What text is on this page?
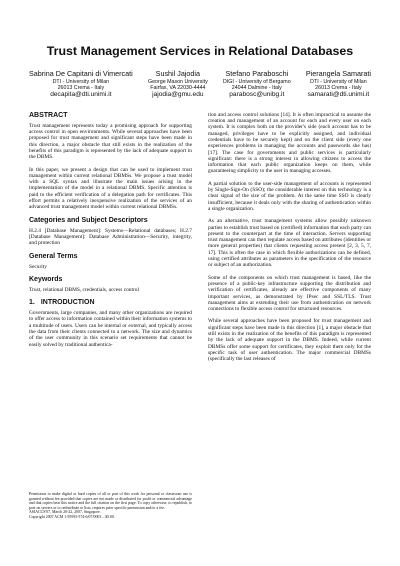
Trust Management Services in Relational Databases
Sabrina De Capitani di Vimercati
DTI - University of Milan
26013 Crema - Italy
decapita@dti.unimi.it
Sushil Jajodia
George Mason University
Fairfax, VA 22030-4444
jajodia@gmu.edu
Stefano Paraboschi
DIGI - University of Bergamo
24044 Dalmine - Italy
parabosc@unibg.it
Pierangela Samarati
DTI - University of Milan
26013 Crema - Italy
samarati@dti.unimi.it
ABSTRACT

Trust management represents today a promising approach for supporting access control in open environments. While several approaches have been proposed for trust management and significant steps have been made in this direction, a major obstacle that still exists in the realization of the benefits of this paradigm is represented by the lack of adequate support in the DBMS.

In this paper, we present a design that can be used to implement trust management within current relational DBMSs. We propose a trust model with a SQL syntax and illustrate the main issues arising in the implementation of the model in a relational DBMS. Specific attention is paid to the efficient verification of a delegation path for certificates. This effort permits a relatively inexpensive realization of the services of an advanced trust management model within current relational DBMSs.

Categories and Subject Descriptors

H.2.4 [Database Management]: Systems—Relational databases; H.2.7 [Database Management]: Database Administration—Security, integrity, and protection

General Terms

Security

Keywords

Trust, relational DBMS, credentials, access control

1. INTRODUCTION

Governments, large companies, and many other organizations are required to offer access to information contained within their information systems to a multitude of users. Users can be internal or external, and typically access the data from their clients connected to a network. The size and dynamics of the user community in this scenario set requirements that cannot be easily solved by traditional authentica-

tion and access control solutions [14]. It is often impractical to assume the creation and management of an account for each and every user on each system. It is complex both on the provider's side (each account has to be managed, privileges have to be explicitly assigned, and individual credentials have to be securely kept) and on the client side (every one experiences problems in managing the accounts and passwords she has) [17]. The case for governments and public services is particularly significant: there is a strong interest in allowing citizens to access the information that each public organization keeps on them, while guaranteeing simplicity to the user in managing accesses.

A partial solution to the user-side management of accounts is represented by Single-Sign-On (SSO); the considerable interest on this technology is a clear signal of the size of the problem. At the same time SSO is clearly insufficient, because it deals only with the sharing of authentication within a single organization.

As an alternative, trust management systems allow possibly unknown parties to establish trust based on (certified) information that each party can present to the counterpart at the time of interaction. Servers supporting trust management can then regulate access based on attributes (identities or more general properties) that clients requesting access present [2, 3, 5, 7, 17]. This is often the case in which flexible authorizations can be defined, using certified attributes as parameters in the specification of the resource or subject of an authorization.

Some of the components on which trust management is based, like the presence of a public-key infrastructure supporting the distribution and verification of certificates, already are effective components of many important services, as demonstrated by IPsec and SSL/TLS. Trust management aims at extending their use from authentication on network connections to flexible access control for structured resources.

While several approaches have been proposed for trust management and significant steps have been made in this direction [1], a major obstacle that still exists in the realization of the benefits of this paradigm is represented by the lack of adequate support in the DBMS. Indeed, while current DBMSs offer some support for certificates, they exploit them only for the specific task of user authentication. The major commercial DBMSs (specifically the last releases of

Permission to make digital or hard copies of all or part of this work for personal or classroom use is granted without fee provided that copies are not made or distributed for profit or commercial advantage and that copies bear this notice and the full citation on the first page. To copy otherwise, to republish, to post on servers or to redistribute to lists, requires prior specific permission and/or a fee.
ASIACCS'07, March 20-22, 2007, Singapore.
Copyright 2007 ACM 1-59593-574-6/07/0003 ...$5.00.
